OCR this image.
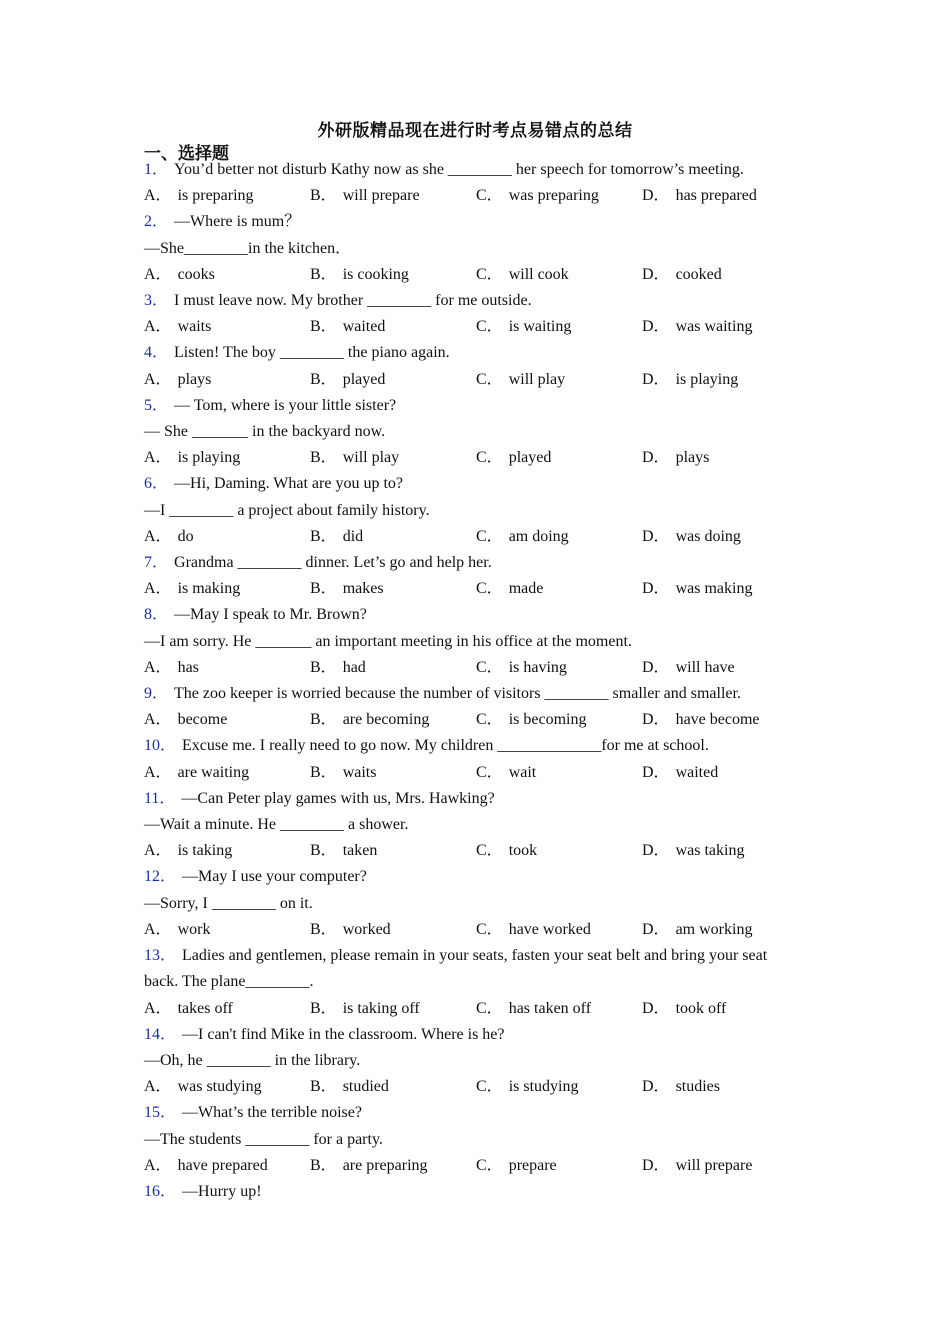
外研版精品现在进行时考点易错点的总结
一、选择题
1． You’d better not disturb Kathy now as she ________ her speech for tomorrow’s meeting.
A． is preparing	B． will prepare	C． was preparing	D． has prepared
2． —Where is mum？
—She________in the kitchen．
A． cooks	B． is cooking	C． will cook	D． cooked
3． I must leave now. My brother ________ for me outside.
A． waits	B． waited	C． is waiting	D． was waiting
4． Listen! The boy ________ the piano again.
A． plays	B． played	C． will play	D． is playing
5． — Tom, where is your little sister?
— She _______ in the backyard now.
A． is playing	B． will play	C． played	D． plays
6． —Hi, Daming. What are you up to?
—I ________ a project about family history.
A． do	B． did	C． am doing	D． was doing
7． Grandma ________ dinner. Let’s go and help her.
A． is making	B． makes	C． made	D． was making
8． —May I speak to Mr. Brown?
—I am sorry. He _______ an important meeting in his office at the moment.
A． has	B． had	C． is having	D． will have
9． The zoo keeper is worried because the number of visitors ________ smaller and smaller.
A． become	B． are becoming	C． is becoming	D． have become
10． Excuse me. I really need to go now. My children _____________for me at school.
A． are waiting	B． waits	C． wait	D． waited
11． —Can Peter play games with us, Mrs. Hawking?
—Wait a minute. He ________ a shower.
A． is taking	B． taken	C． took	D． was taking
12． —May I use your computer?
—Sorry, I ________ on it.
A． work	B． worked	C． have worked	D． am working
13． Ladies and gentlemen, please remain in your seats, fasten your seat belt and bring your seat back. The plane________.
A． takes off	B． is taking off	C． has taken off	D． took off
14． —I can't find Mike in the classroom. Where is he?
—Oh, he ________ in the library.
A． was studying	B． studied	C． is studying	D． studies
15． —What’s the terrible noise?
—The students ________ for a party.
A． have prepared	B． are preparing	C． prepare	D． will prepare
16． —Hurry up!
